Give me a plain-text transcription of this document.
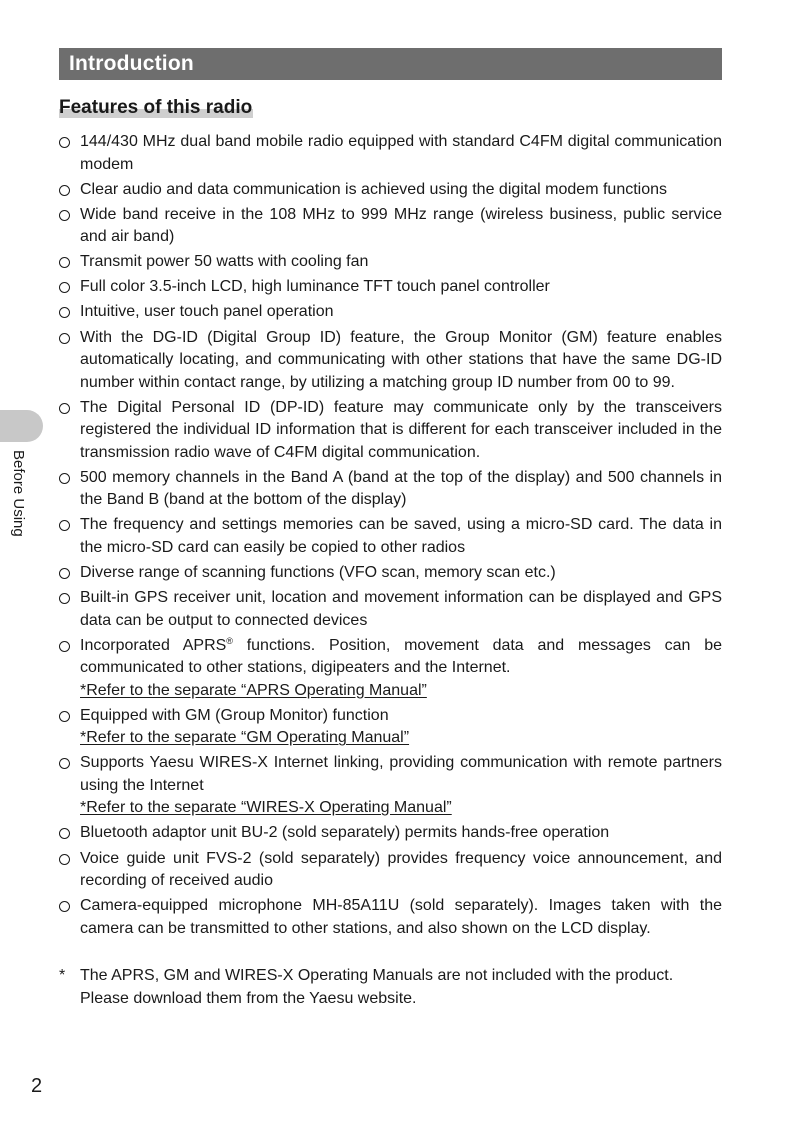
Introduction
Features of this radio
144/430 MHz dual band mobile radio equipped with standard C4FM digital communication modem
Clear audio and data communication is achieved using the digital modem functions
Wide band receive in the 108 MHz to 999 MHz range (wireless business, public service and air band)
Transmit power 50 watts with cooling fan
Full color 3.5-inch LCD, high luminance TFT touch panel controller
Intuitive, user touch panel operation
With the DG-ID (Digital Group ID) feature, the Group Monitor (GM) feature enables automatically locating, and communicating with other stations that have the same DG-ID number within contact range, by utilizing a matching group ID number from 00 to 99.
The Digital Personal ID (DP-ID) feature may communicate only by the transceivers registered the individual ID information that is different for each transceiver included in the transmission radio wave of C4FM digital communication.
500 memory channels in the Band A (band at the top of the display) and 500 channels in the Band B (band at the bottom of the display)
The frequency and settings memories can be saved, using a micro-SD card. The data in the micro-SD card can easily be copied to other radios
Diverse range of scanning functions (VFO scan, memory scan etc.)
Built-in GPS receiver unit, location and movement information can be displayed and GPS data can be output to connected devices
Incorporated APRS® functions. Position, movement data and messages can be communicated to other stations, digipeaters and the Internet.
*Refer to the separate “APRS Operating Manual”
Equipped with GM (Group Monitor) function
*Refer to the separate “GM Operating Manual”
Supports Yaesu WIRES-X Internet linking, providing communication with remote partners using the Internet
*Refer to the separate “WIRES-X Operating Manual”
Bluetooth adaptor unit BU-2 (sold separately) permits hands-free operation
Voice guide unit FVS-2 (sold separately) provides frequency voice announcement, and recording of received audio
Camera-equipped microphone MH-85A11U (sold separately). Images taken with the camera can be transmitted to other stations, and also shown on the LCD display.
* The APRS, GM and WIRES-X Operating Manuals are not included with the product.
Please download them from the Yaesu website.
Before Using
2
